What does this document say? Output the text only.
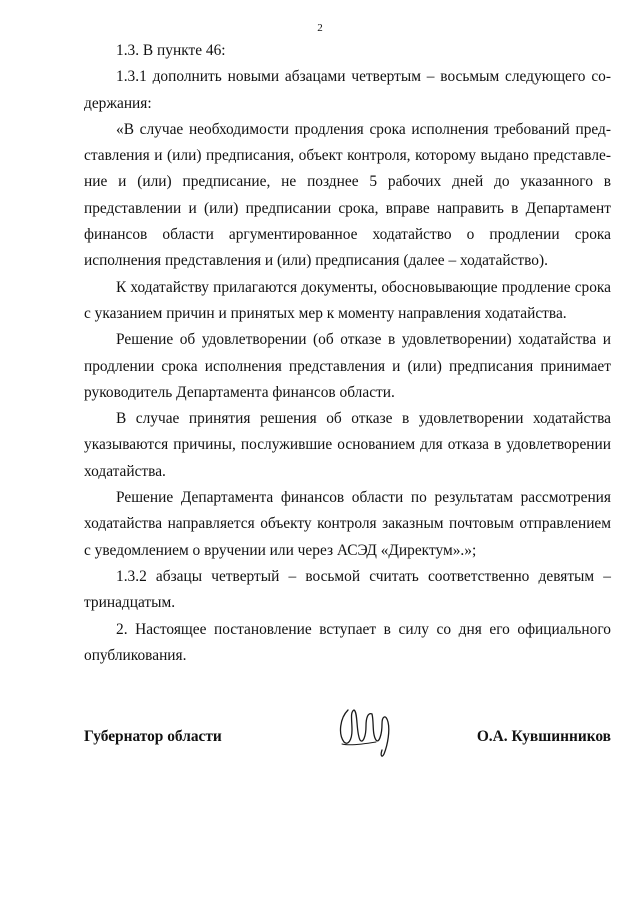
2

1.3. В пункте 46:

1.3.1 дополнить новыми абзацами четвертым – восьмым следующего содержания:

«В случае необходимости продления срока исполнения требований представления и (или) предписания, объект контроля, которому выдано представление и (или) предписание, не позднее 5 рабочих дней до указанного в представлении и (или) предписании срока, вправе направить в Департамент финансов области аргументированное ходатайство о продлении срока исполнения представления и (или) предписания (далее – ходатайство).

К ходатайству прилагаются документы, обосновывающие продление срока с указанием причин и принятых мер к моменту направления ходатайства.

Решение об удовлетворении (об отказе в удовлетворении) ходатайства и продлении срока исполнения представления и (или) предписания принимает руководитель Департамента финансов области.

В случае принятия решения об отказе в удовлетворении ходатайства указываются причины, послужившие основанием для отказа в удовлетворении ходатайства.

Решение Департамента финансов области по результатам рассмотрения ходатайства направляется объекту контроля заказным почтовым отправлением с уведомлением о вручении или через АСЭД «Директум».»;

1.3.2 абзацы четвертый – восьмой считать соответственно девятым – тринадцатым.

2. Настоящее постановление вступает в силу со дня его официального опубликования.

Губернатор области	О.А. Кувшинников
